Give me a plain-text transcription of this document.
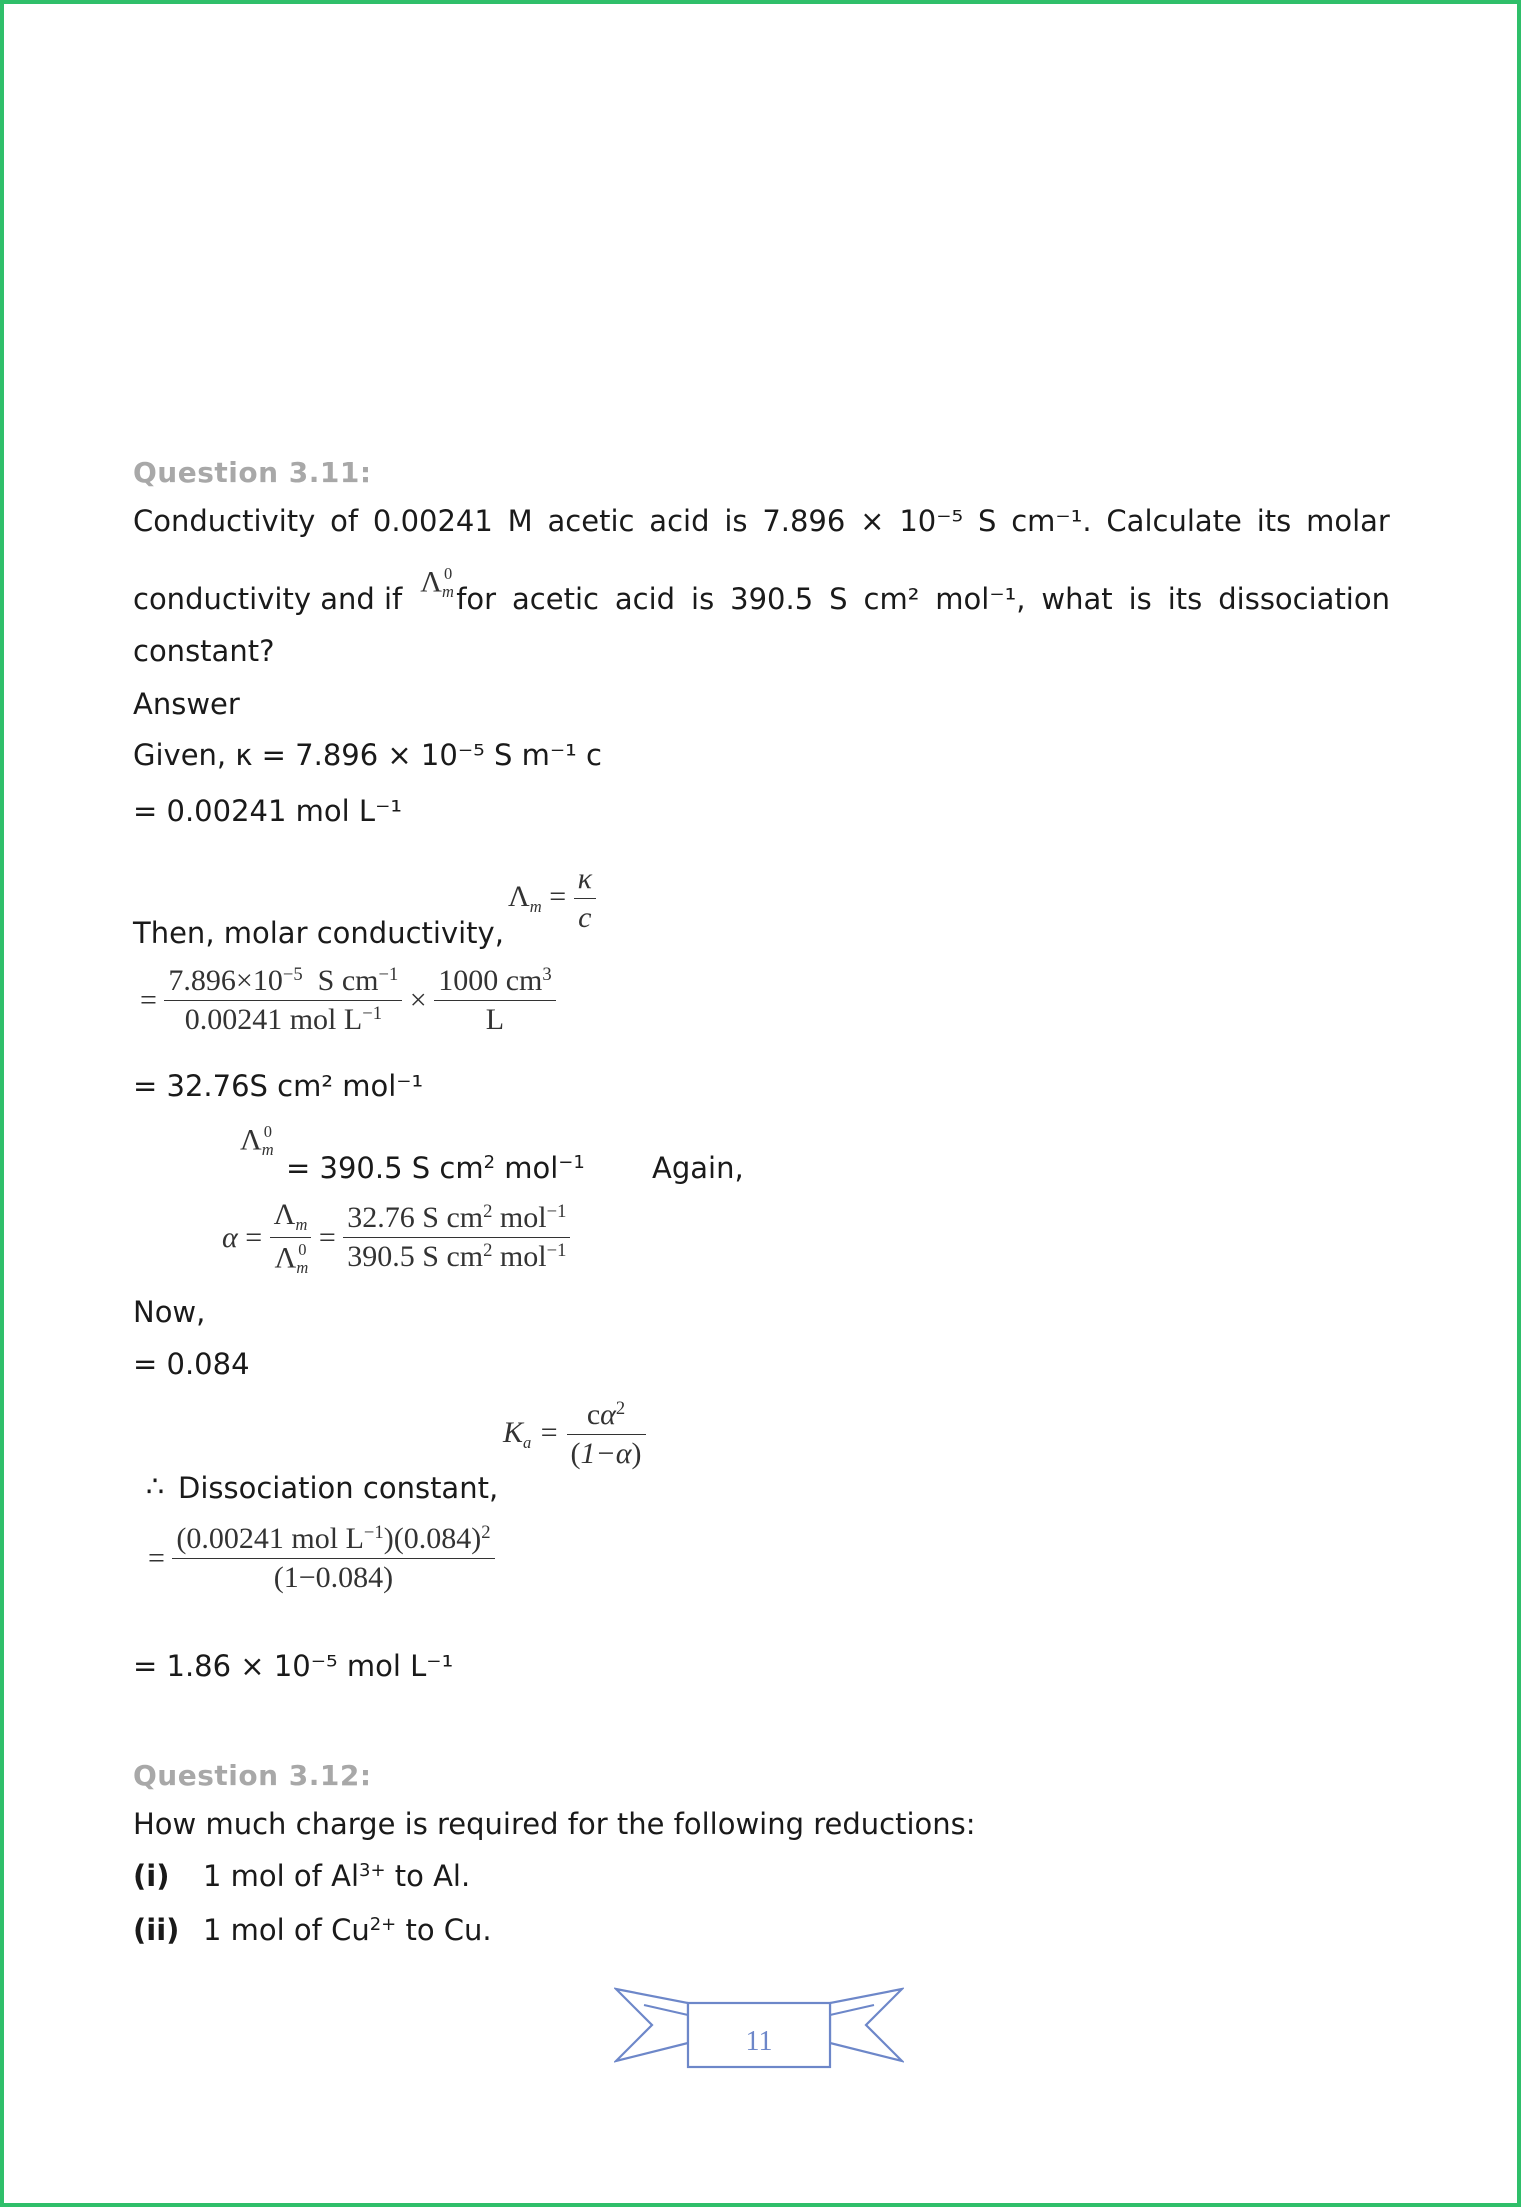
Question 3.11:
Conductivity of 0.00241 M acetic acid is 7.896 × 10⁻⁵ S cm⁻¹. Calculate its molar
conductivity and if
$\Lambda_m^0$
for acetic acid is 390.5 S cm² mol⁻¹, what is its dissociation
constant?
Answer
Given, κ = 7.896 × 10⁻⁵ S m⁻¹ c
= 0.00241 mol L⁻¹
$\Lambda_m = \frac{\kappa}{c}$
Then, molar conductivity,
= $\frac{7.896\times 10^{-5} S cm^{-1}}{0.00241 mol L^{-1}} \times \frac{1000 cm^3}{L}$
= 32.76S cm² mol⁻¹
$\Lambda_m^0$
= 390.5 S $cm^2$ mol$^{-1}$ Again,
$\alpha = \frac{\Lambda_m}{\Lambda_m^0} = \frac{32.76 S cm^2 mol^{-1}}{390.5 S cm^2 mol^{-1}}$
Now,
= 0.084
$K_a = \frac{c\alpha^2}{(1-\alpha)}$
∴ Dissociation constant,
= $\frac{(0.00241 mol L^{-1})(0.084)^2}{(1-0.084)}$
= 1.86 × 10⁻⁵ mol L⁻¹
Question 3.12:
How much charge is required for the following reductions:
(i) 1 mol of $Al^{3+}$ to Al.
(ii) 1 mol of $Cu^{2+}$ to Cu.
11
